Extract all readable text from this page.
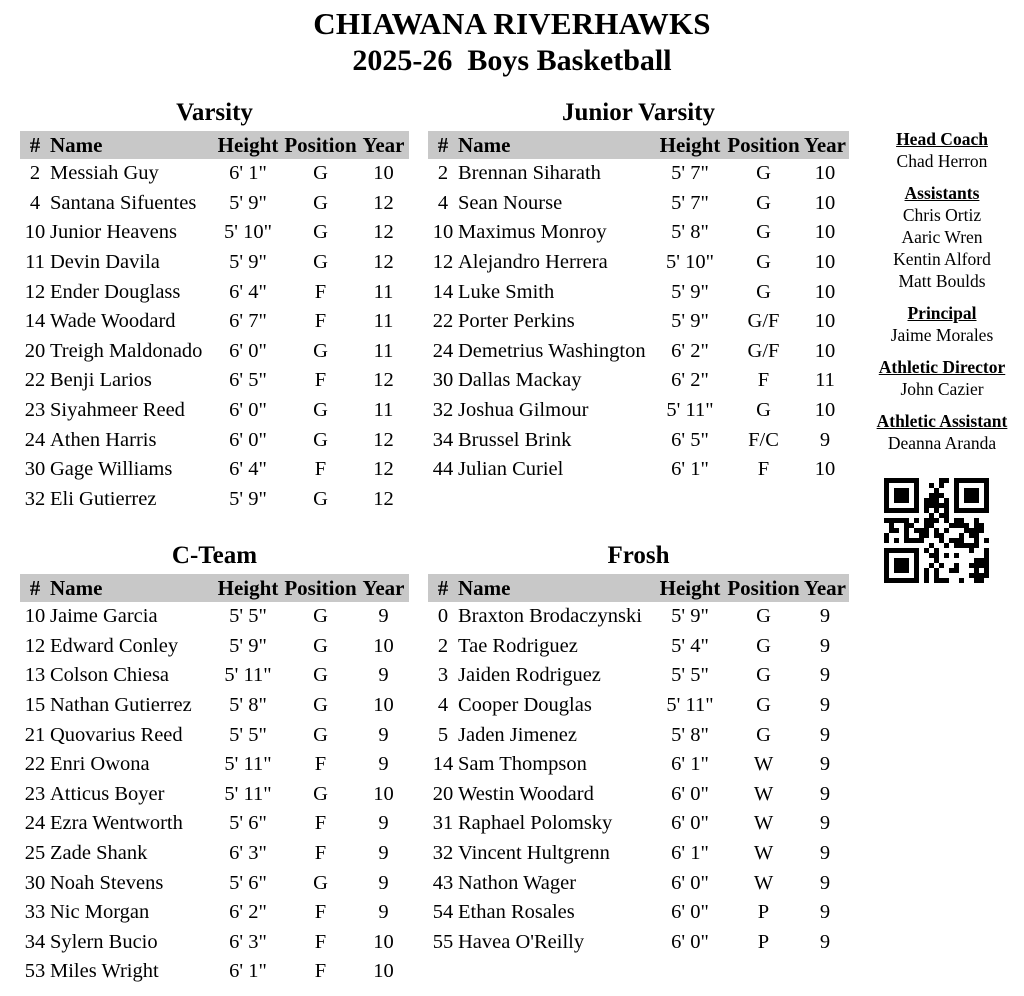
CHIAWANA RIVERHAWKS
2025-26  Boys Basketball
Varsity
#	Name	Height	Position	Year
2	Messiah Guy	6' 1"	G	10
4	Santana Sifuentes	5' 9"	G	12
10	Junior Heavens	5' 10"	G	12
11	Devin Davila	5' 9"	G	12
12	Ender Douglass	6' 4"	F	11
14	Wade Woodard	6' 7"	F	11
20	Treigh Maldonado	6' 0"	G	11
22	Benji Larios	6' 5"	F	12
23	Siyahmeer Reed	6' 0"	G	11
24	Athen Harris	6' 0"	G	12
30	Gage Williams	6' 4"	F	12
32	Eli Gutierrez	5' 9"	G	12
Junior Varsity
#	Name	Height	Position	Year
2	Brennan Siharath	5' 7"	G	10
4	Sean Nourse	5' 7"	G	10
10	Maximus Monroy	5' 8"	G	10
12	Alejandro Herrera	5' 10"	G	10
14	Luke Smith	5' 9"	G	10
22	Porter Perkins	5' 9"	G/F	10
24	Demetrius Washington	6' 2"	G/F	10
30	Dallas Mackay	6' 2"	F	11
32	Joshua Gilmour	5' 11"	G	10
34	Brussel Brink	6' 5"	F/C	9
44	Julian Curiel	6' 1"	F	10
C-Team
#	Name	Height	Position	Year
10	Jaime Garcia	5' 5"	G	9
12	Edward Conley	5' 9"	G	10
13	Colson Chiesa	5' 11"	G	9
15	Nathan Gutierrez	5' 8"	G	10
21	Quovarius Reed	5' 5"	G	9
22	Enri Owona	5' 11"	F	9
23	Atticus Boyer	5' 11"	G	10
24	Ezra Wentworth	5' 6"	F	9
25	Zade Shank	6' 3"	F	9
30	Noah Stevens	5' 6"	G	9
33	Nic Morgan	6' 2"	F	9
34	Sylern Bucio	6' 3"	F	10
53	Miles Wright	6' 1"	F	10
Frosh
#	Name	Height	Position	Year
0	Braxton Brodaczynski	5' 9"	G	9
2	Tae Rodriguez	5' 4"	G	9
3	Jaiden Rodriguez	5' 5"	G	9
4	Cooper Douglas	5' 11"	G	9
5	Jaden Jimenez	5' 8"	G	9
14	Sam Thompson	6' 1"	W	9
20	Westin Woodard	6' 0"	W	9
31	Raphael Polomsky	6' 0"	W	9
32	Vincent Hultgrenn	6' 1"	W	9
43	Nathon Wager	6' 0"	W	9
54	Ethan Rosales	6' 0"	P	9
55	Havea O'Reilly	6' 0"	P	9
Head Coach
Chad Herron
Assistants
Chris Ortiz
Aaric Wren
Kentin Alford
Matt Boulds
Principal
Jaime Morales
Athletic Director
John Cazier
Athletic Assistant
Deanna Aranda
